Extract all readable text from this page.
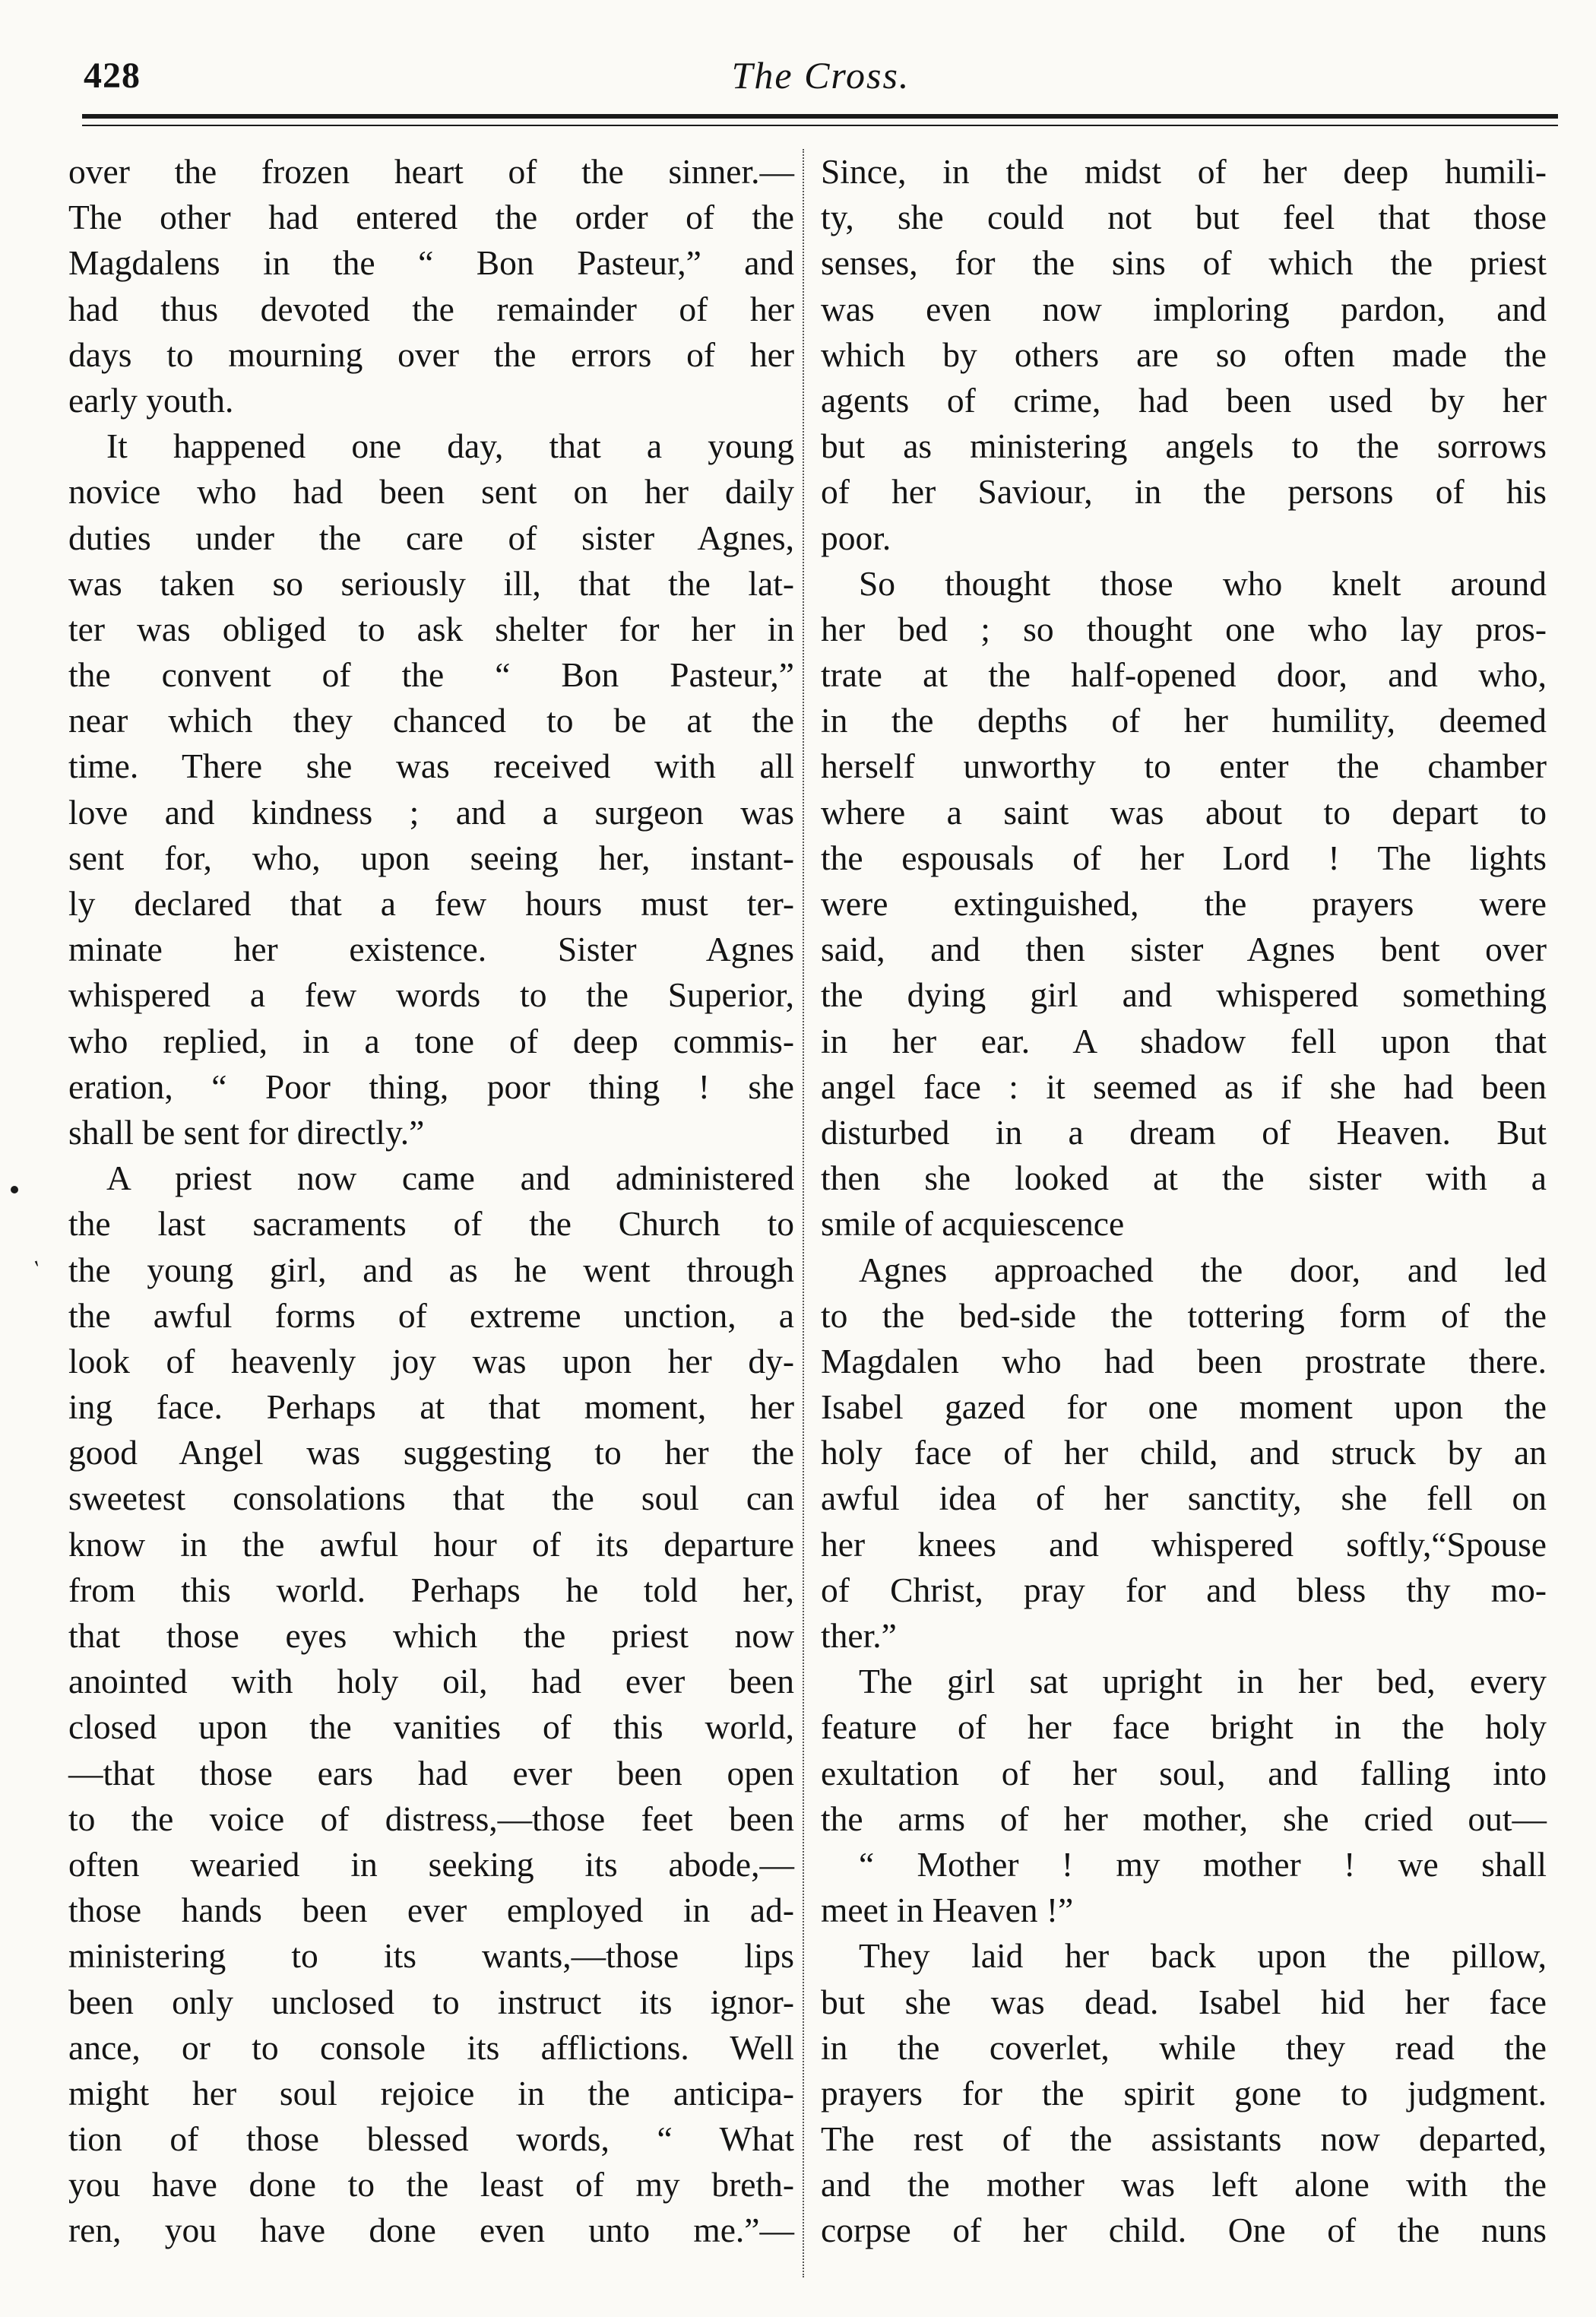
428	The Cross.
'
over the frozen heart of the sinner.—
The other had entered the order of the
Magdalens in the “ Bon Pasteur,” and
had thus devoted the remainder of her
days to mourning over the errors of her
early youth.
It happened one day, that a young
novice who had been sent on her daily
duties under the care of sister Agnes,
was taken so seriously ill, that the lat-
ter was obliged to ask shelter for her in
the convent of the “ Bon Pasteur,”
near which they chanced to be at the
time. There she was received with all
love and kindness ; and a surgeon was
sent for, who, upon seeing her, instant-
ly declared that a few hours must ter-
minate her existence. Sister Agnes
whispered a few words to the Superior,
who replied, in a tone of deep commis-
eration, “ Poor thing, poor thing ! she
shall be sent for directly.”
A priest now came and administered
the last sacraments of the Church to
the young girl, and as he went through
the awful forms of extreme unction, a
look of heavenly joy was upon her dy-
ing face. Perhaps at that moment, her
good Angel was suggesting to her the
sweetest consolations that the soul can
know in the awful hour of its departure
from this world. Perhaps he told her,
that those eyes which the priest now
anointed with holy oil, had ever been
closed upon the vanities of this world,
—that those ears had ever been open
to the voice of distress,—those feet been
often wearied in seeking its abode,—
those hands been ever employed in ad-
ministering to its wants,—those lips
been only unclosed to instruct its ignor-
ance, or to console its afflictions. Well
might her soul rejoice in the anticipa-
tion of those blessed words, “ What
you have done to the least of my breth-
ren, you have done even unto me.”—
Since, in the midst of her deep humili-
ty, she could not but feel that those
senses, for the sins of which the priest
was even now imploring pardon, and
which by others are so often made the
agents of crime, had been used by her
but as ministering angels to the sorrows
of her Saviour, in the persons of his
poor.
So thought those who knelt around
her bed ; so thought one who lay pros-
trate at the half-opened door, and who,
in the depths of her humility, deemed
herself unworthy to enter the chamber
where a saint was about to depart to
the espousals of her Lord ! The lights
were extinguished, the prayers were
said, and then sister Agnes bent over
the dying girl and whispered something
in her ear. A shadow fell upon that
angel face : it seemed as if she had been
disturbed in a dream of Heaven. But
then she looked at the sister with a
smile of acquiescence
Agnes approached the door, and led
to the bed-side the tottering form of the
Magdalen who had been prostrate there.
Isabel gazed for one moment upon the
holy face of her child, and struck by an
awful idea of her sanctity, she fell on
her knees and whispered softly,“Spouse
of Christ, pray for and bless thy mo-
ther.”
The girl sat upright in her bed, every
feature of her face bright in the holy
exultation of her soul, and falling into
the arms of her mother, she cried out—
“ Mother ! my mother ! we shall
meet in Heaven !”
They laid her back upon the pillow,
but she was dead. Isabel hid her face
in the coverlet, while they read the
prayers for the spirit gone to judgment.
The rest of the assistants now departed,
and the mother was left alone with the
corpse of her child. One of the nuns
